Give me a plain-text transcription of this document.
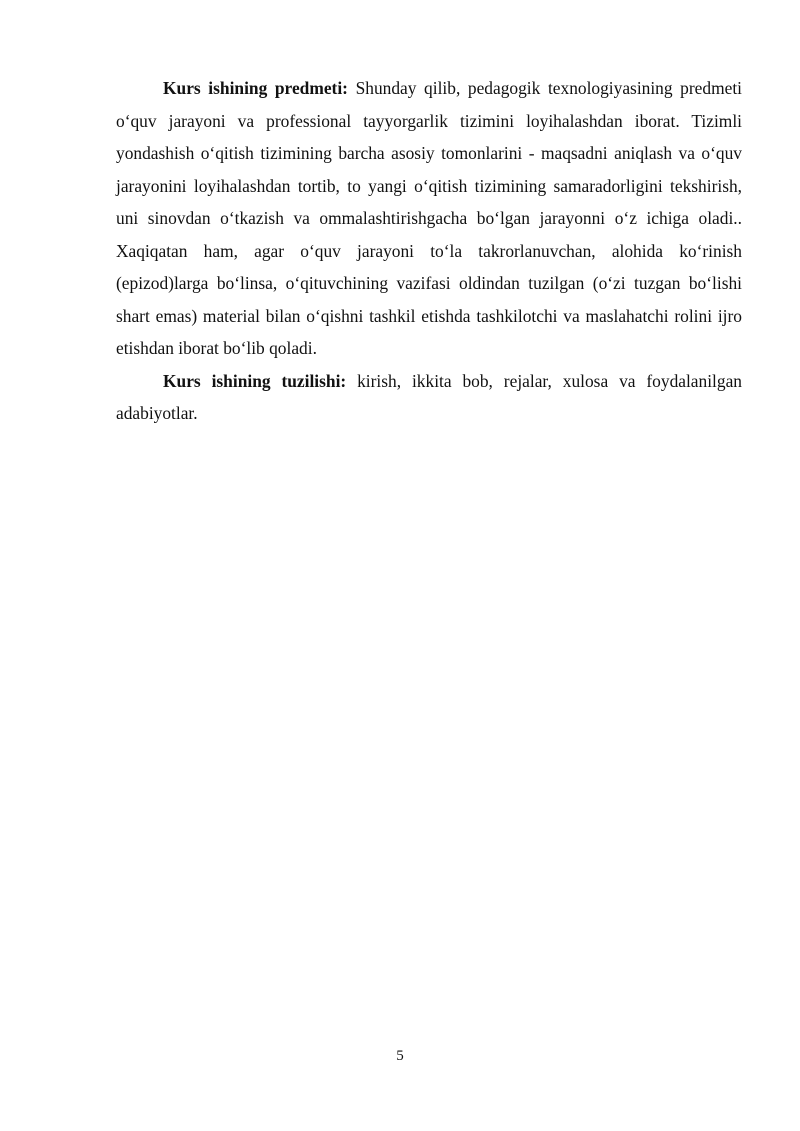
Kurs ishining predmeti: Shunday qilib, pedagogik texnologiyasining predmeti o‘quv jarayoni va professional tayyorgarlik tizimini loyihalashdan iborat. Tizimli yondashish o‘qitish tizimining barcha asosiy tomonlarini - maqsadni aniqlash va o‘quv jarayonini loyihalashdan tortib, to yangi o‘qitish tizimining samaradorligini tekshirish, uni sinovdan o‘tkazish va ommalashtirishgacha bo‘lgan jarayonni o‘z ichiga oladi.. Xaqiqatan ham, agar o‘quv jarayoni to‘la takrorlanuvchan, alohida ko‘rinish (epizod)larga bo‘linsa, o‘qituvchining vazifasi oldindan tuzilgan (o‘zi tuzgan bo‘lishi shart emas) material bilan o‘qishni tashkil etishda tashkilotchi va maslahatchi rolini ijro etishdan iborat bo‘lib qoladi.

Kurs ishining tuzilishi: kirish, ikkita bob, rejalar, xulosa va foydalanilgan adabiyotlar.

5
